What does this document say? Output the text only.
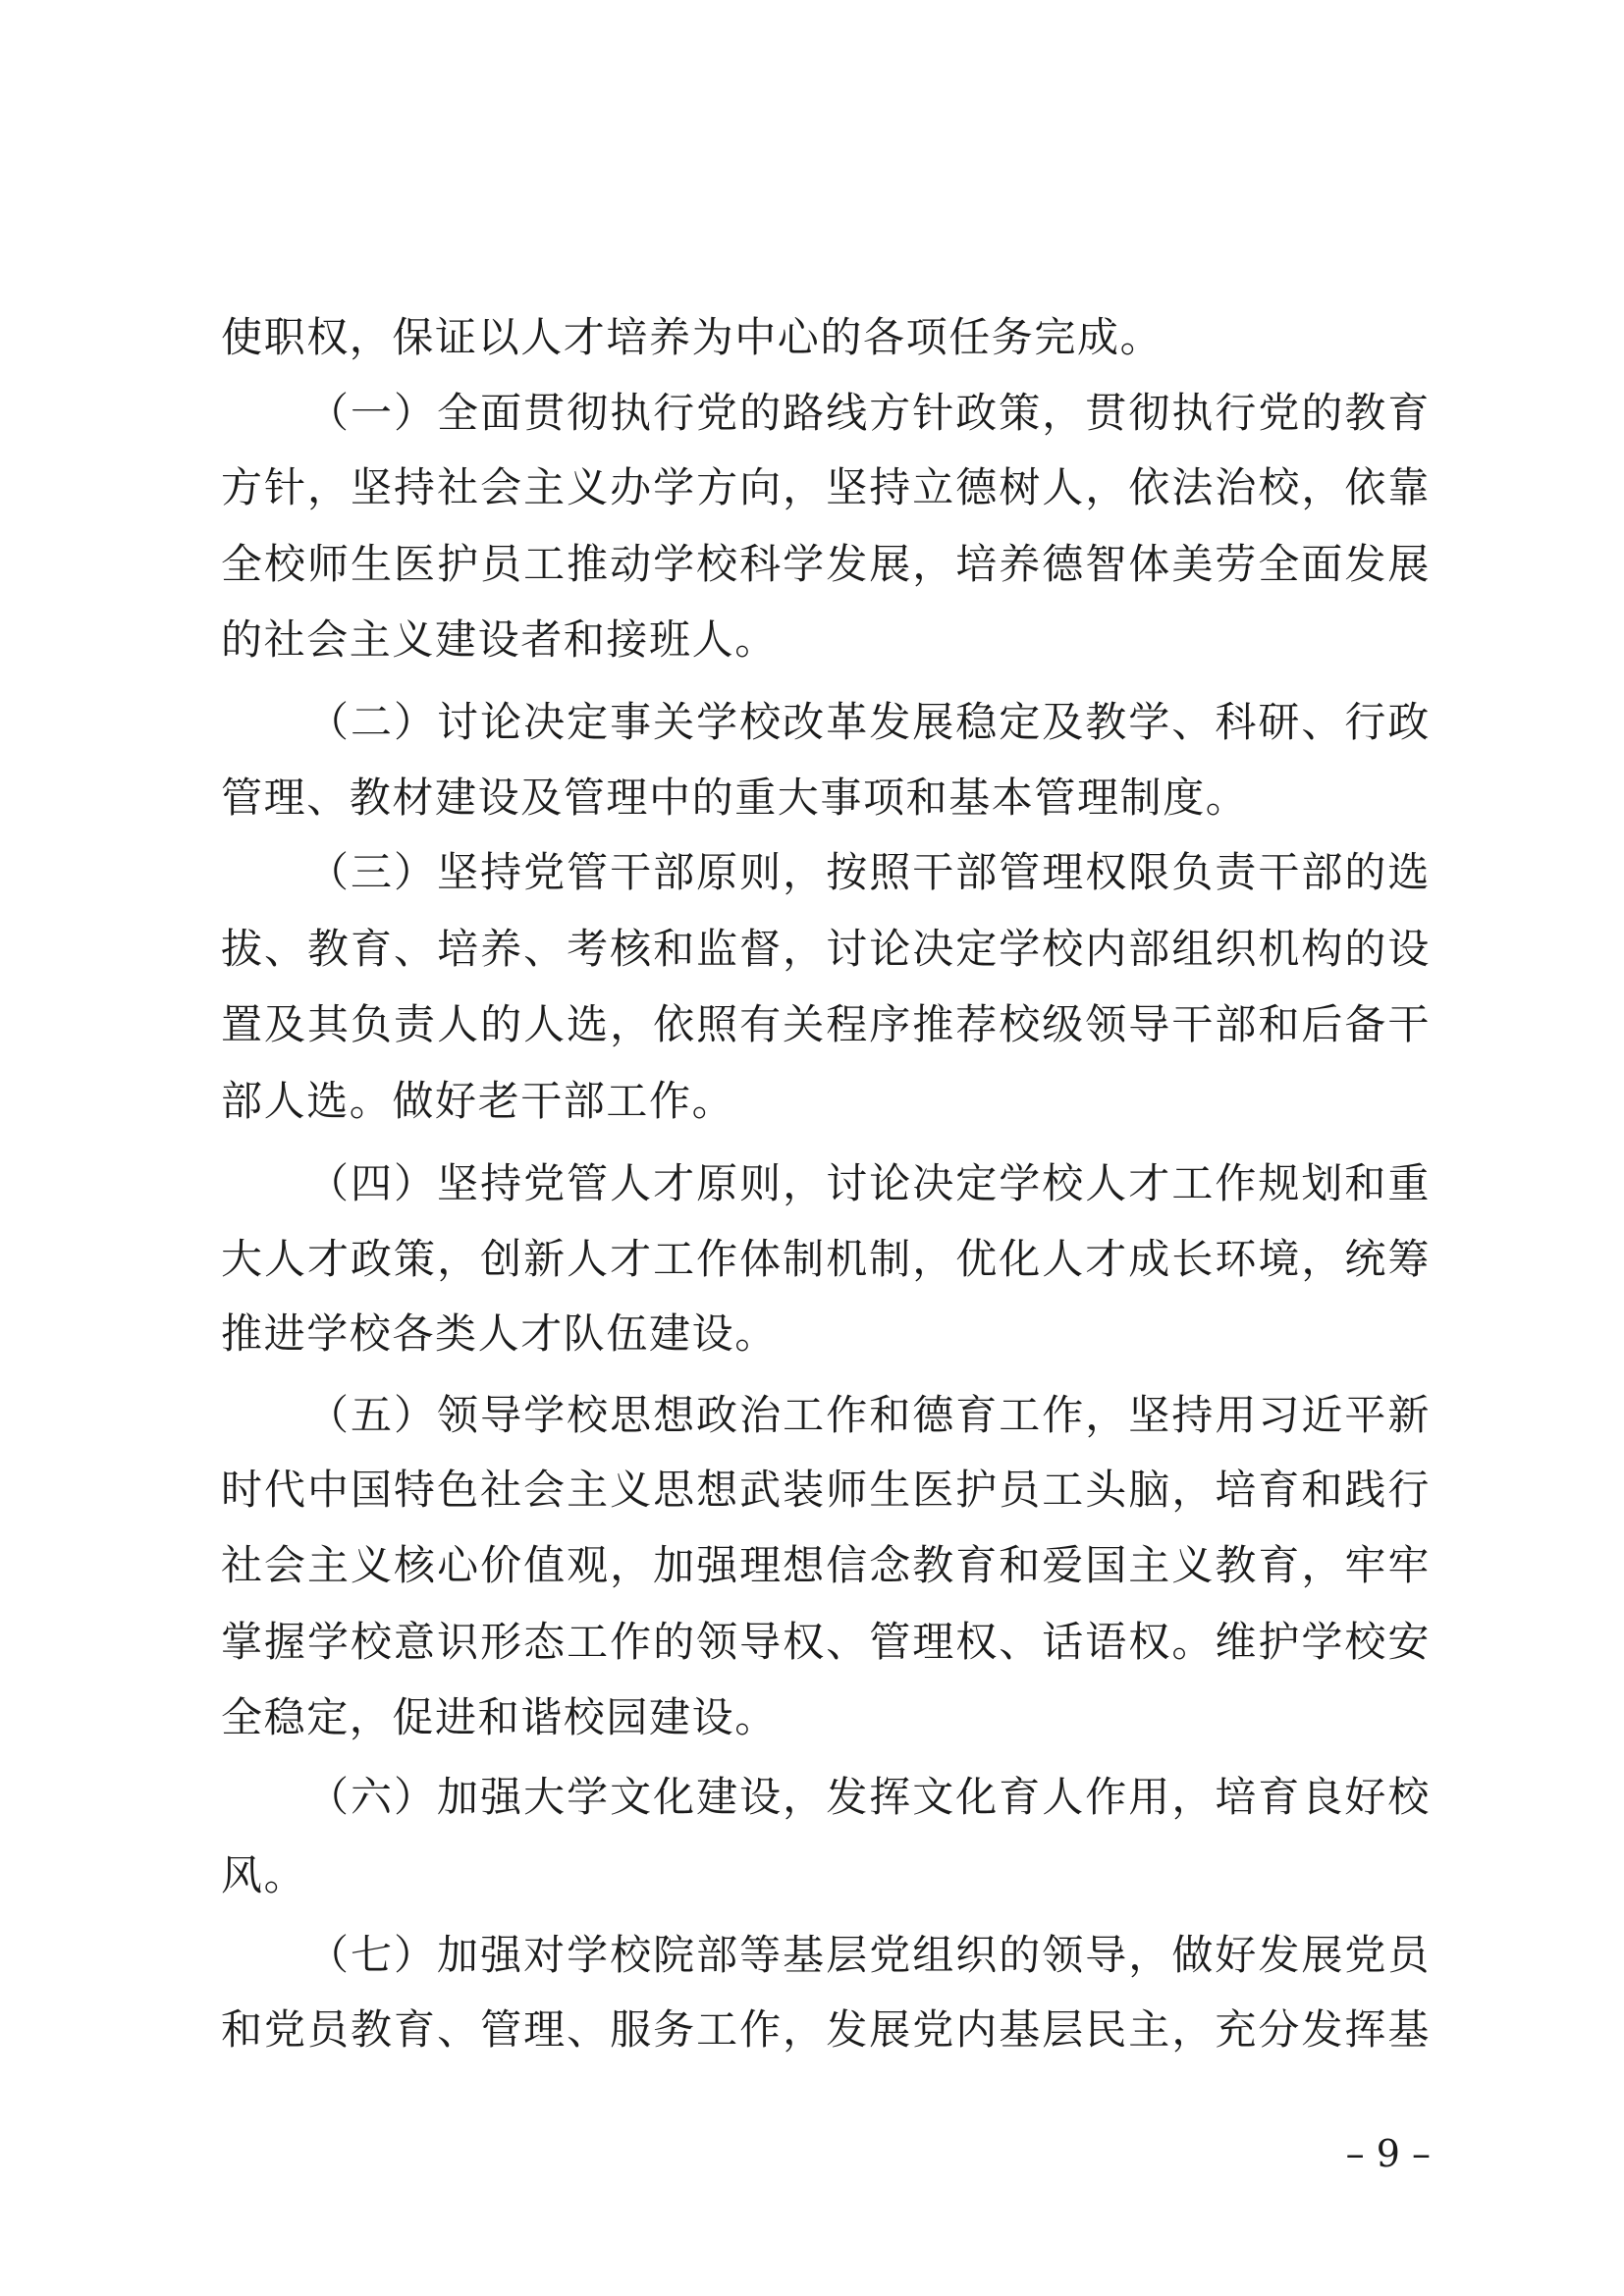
使职权，保证以人才培养为中心的各项任务完成。
（一）全面贯彻执行党的路线方针政策，贯彻执行党的教育
方针，坚持社会主义办学方向，坚持立德树人，依法治校，依靠
全校师生医护员工推动学校科学发展，培养德智体美劳全面发展
的社会主义建设者和接班人。
（二）讨论决定事关学校改革发展稳定及教学、科研、行政
管理、教材建设及管理中的重大事项和基本管理制度。
（三）坚持党管干部原则，按照干部管理权限负责干部的选
拔、教育、培养、考核和监督，讨论决定学校内部组织机构的设
置及其负责人的人选，依照有关程序推荐校级领导干部和后备干
部人选。做好老干部工作。
（四）坚持党管人才原则，讨论决定学校人才工作规划和重
大人才政策，创新人才工作体制机制，优化人才成长环境，统筹
推进学校各类人才队伍建设。
（五）领导学校思想政治工作和德育工作，坚持用习近平新
时代中国特色社会主义思想武装师生医护员工头脑，培育和践行
社会主义核心价值观，加强理想信念教育和爱国主义教育，牢牢
掌握学校意识形态工作的领导权、管理权、话语权。维护学校安
全稳定，促进和谐校园建设。
（六）加强大学文化建设，发挥文化育人作用，培育良好校
风。
（七）加强对学校院部等基层党组织的领导，做好发展党员
和党员教育、管理、服务工作，发展党内基层民主，充分发挥基
– 9 –
